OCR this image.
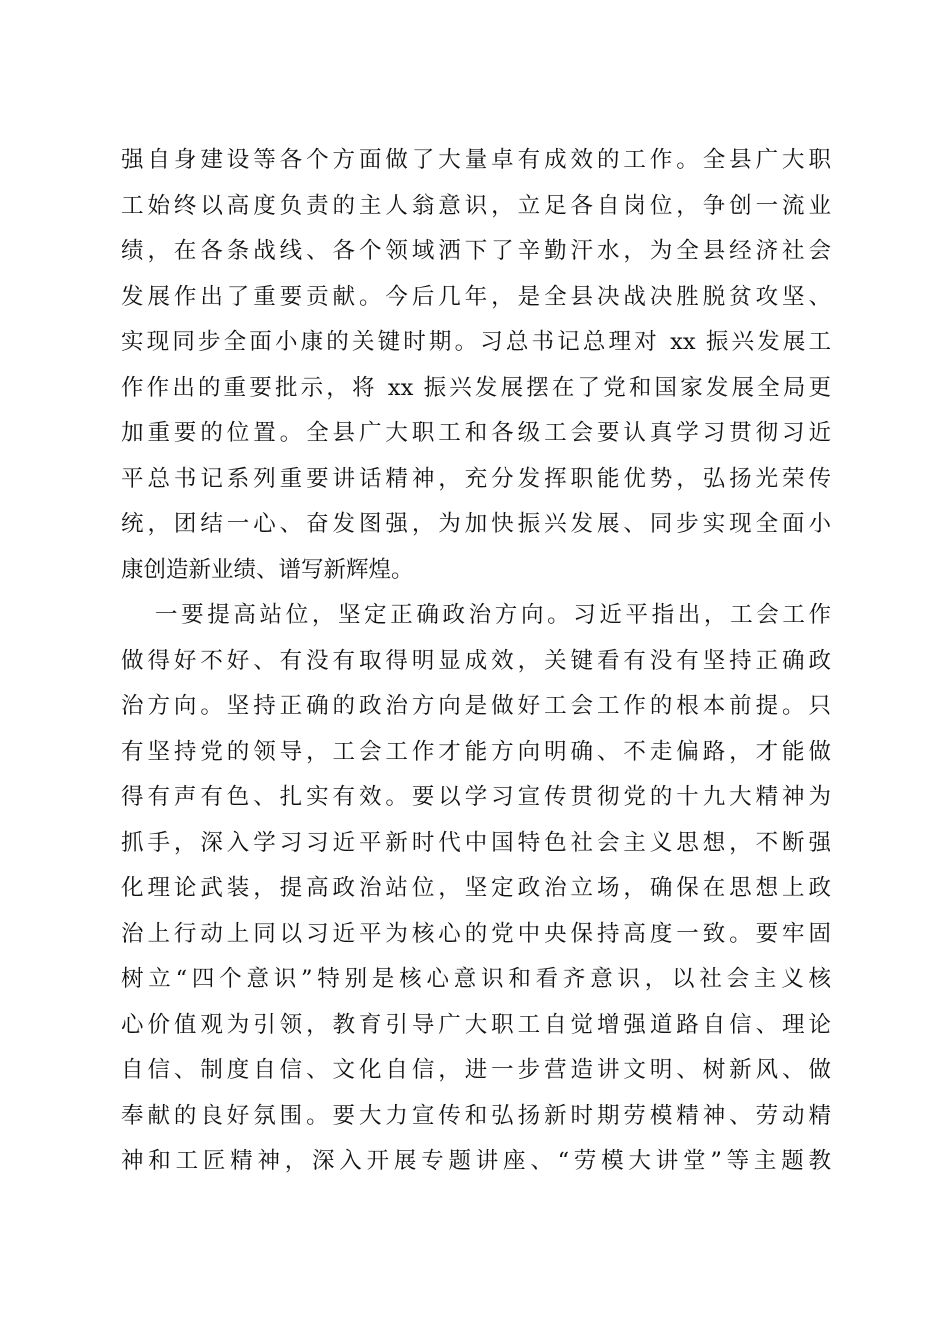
强自身建设等各个方面做了大量卓有成效的工作。全县广大职
工始终以高度负责的主人翁意识，立足各自岗位，争创一流业
绩，在各条战线、各个领域洒下了辛勤汗水，为全县经济社会
发展作出了重要贡献。今后几年，是全县决战决胜脱贫攻坚、
实现同步全面小康的关键时期。习总书记总理对 xx 振兴发展工
作作出的重要批示，将 xx 振兴发展摆在了党和国家发展全局更
加重要的位置。全县广大职工和各级工会要认真学习贯彻习近
平总书记系列重要讲话精神，充分发挥职能优势，弘扬光荣传
统，团结一心、奋发图强，为加快振兴发展、同步实现全面小
康创造新业绩、谱写新辉煌。
一要提高站位，坚定正确政治方向。习近平指出，工会工作
做得好不好、有没有取得明显成效，关键看有没有坚持正确政
治方向。坚持正确的政治方向是做好工会工作的根本前提。只
有坚持党的领导，工会工作才能方向明确、不走偏路，才能做
得有声有色、扎实有效。要以学习宣传贯彻党的十九大精神为
抓手，深入学习习近平新时代中国特色社会主义思想，不断强
化理论武装，提高政治站位，坚定政治立场，确保在思想上政
治上行动上同以习近平为核心的党中央保持高度一致。要牢固
树立“四个意识”特别是核心意识和看齐意识，以社会主义核
心价值观为引领，教育引导广大职工自觉增强道路自信、理论
自信、制度自信、文化自信，进一步营造讲文明、树新风、做
奉献的良好氛围。要大力宣传和弘扬新时期劳模精神、劳动精
神和工匠精神，深入开展专题讲座、“劳模大讲堂”等主题教
